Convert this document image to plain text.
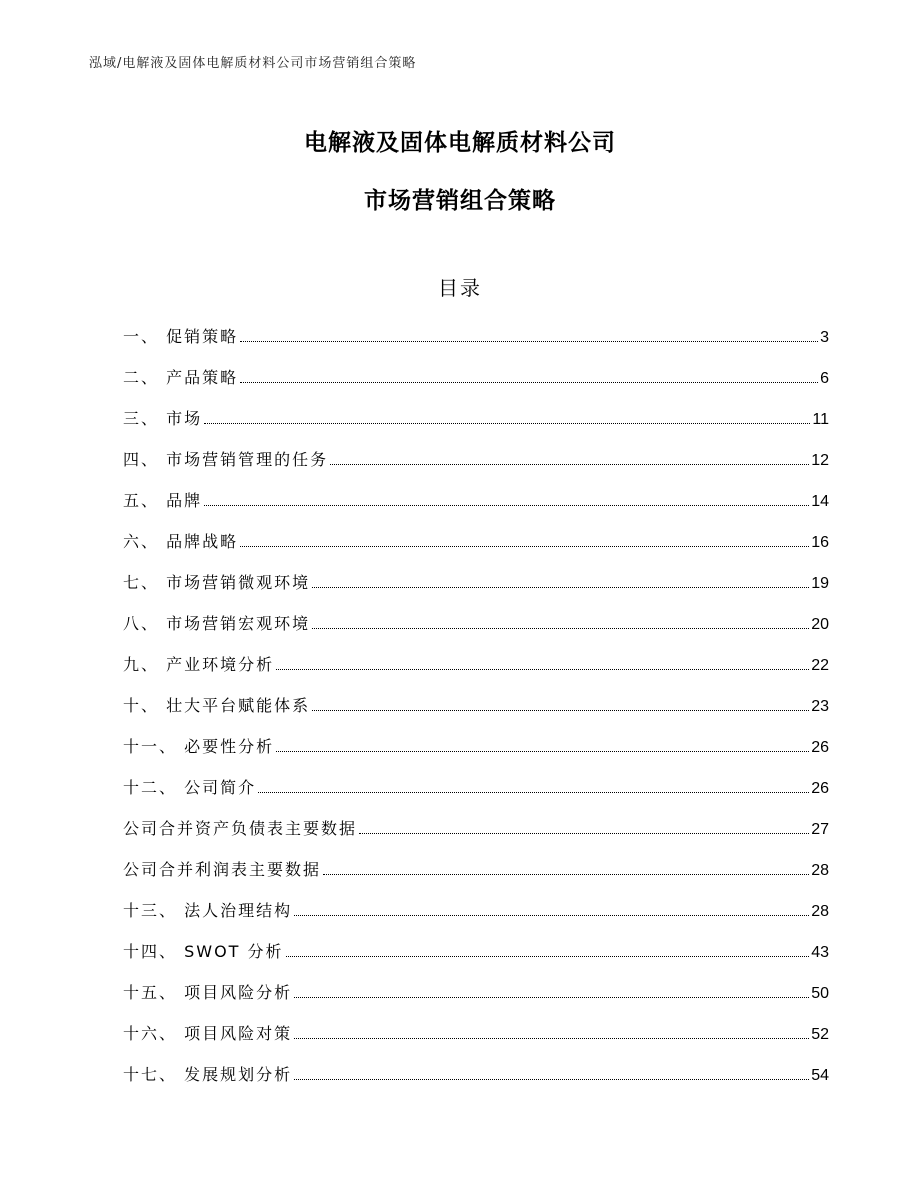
泓域/电解液及固体电解质材料公司市场营销组合策略
电解液及固体电解质材料公司
市场营销组合策略
目录
一、 促销策略	3
二、 产品策略	6
三、 市场	11
四、 市场营销管理的任务	12
五、 品牌	14
六、 品牌战略	16
七、 市场营销微观环境	19
八、 市场营销宏观环境	20
九、 产业环境分析	22
十、 壮大平台赋能体系	23
十一、 必要性分析	26
十二、 公司简介	26
公司合并资产负债表主要数据	27
公司合并利润表主要数据	28
十三、 法人治理结构	28
十四、 SWOT 分析	43
十五、 项目风险分析	50
十六、 项目风险对策	52
十七、 发展规划分析	54
